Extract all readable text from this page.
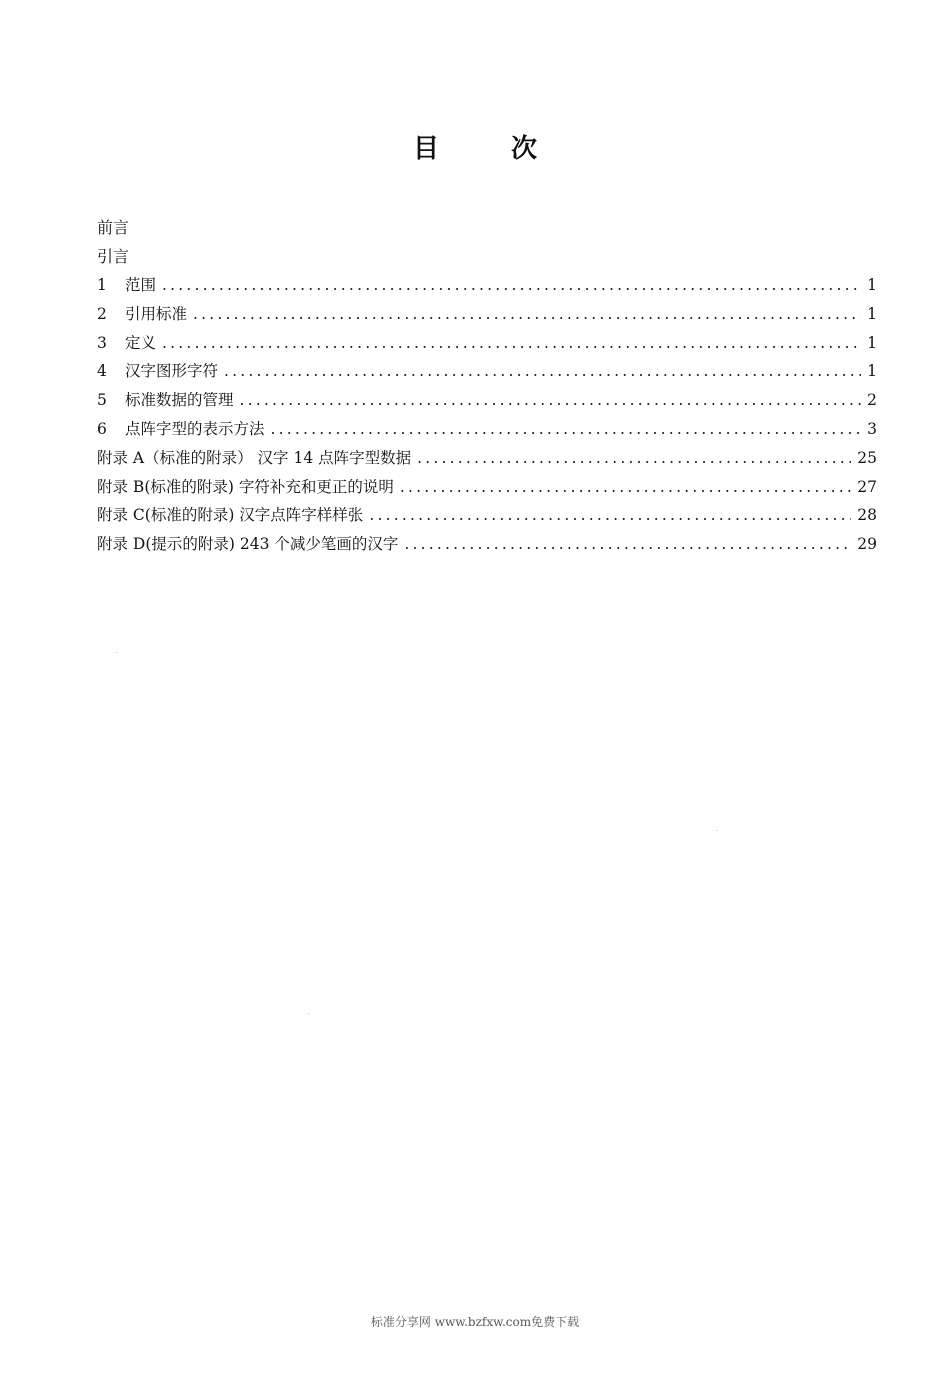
目次
前言
引言
1	范围 .....	1
2	引用标准 .....	1
3	定义 .....	1
4	汉字图形字符 .....	1
5	标准数据的管理 .....	2
6	点阵字型的表示方法 .....	3
附录 A（标准的附录） 汉字 14 点阵字型数据 .....	25
附录 B(标准的附录) 字符补充和更正的说明 .....	27
附录 C(标准的附录) 汉字点阵字样样张 .....	28
附录 D(提示的附录) 243 个减少笔画的汉字 .....	29
标准分享网 www.bzfxw.com免费下载
